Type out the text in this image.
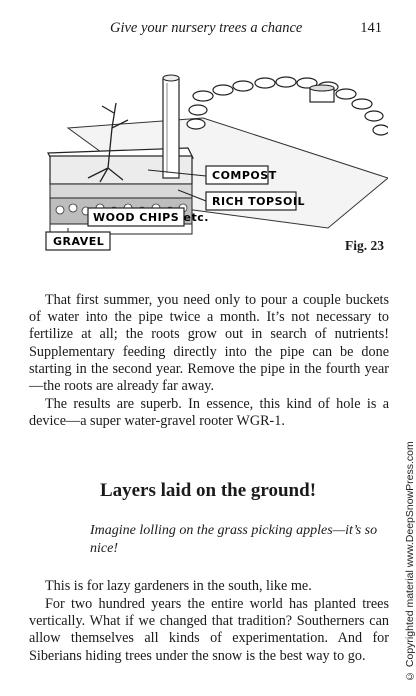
Give your nursery trees a chance	141
COMPOST
RICH TOPSOIL
WOOD CHIPS etc.
GRAVEL	Fig. 23

That first summer, you need only to pour a couple buckets of water into the pipe twice a month. It’s not necessary to fertilize at all; the roots grow out in search of nutrients! Supplementary feeding directly into the pipe can be done starting in the second year. Remove the pipe in the fourth year—the roots are already far away.

The results are superb. In essence, this kind of hole is a device—a super water-gravel rooter WGR-1.

Layers laid on the ground!
Imagine lolling on the grass picking apples—it’s so nice!

This is for lazy gardeners in the south, like me.

For two hundred years the entire world has planted trees vertically. What if we changed that tradition? Southerners can allow themselves all kinds of experimentation. And for Siberians hiding trees under the snow is the best way to go.	© Copyrighted material www.DeepSnowPress.com
